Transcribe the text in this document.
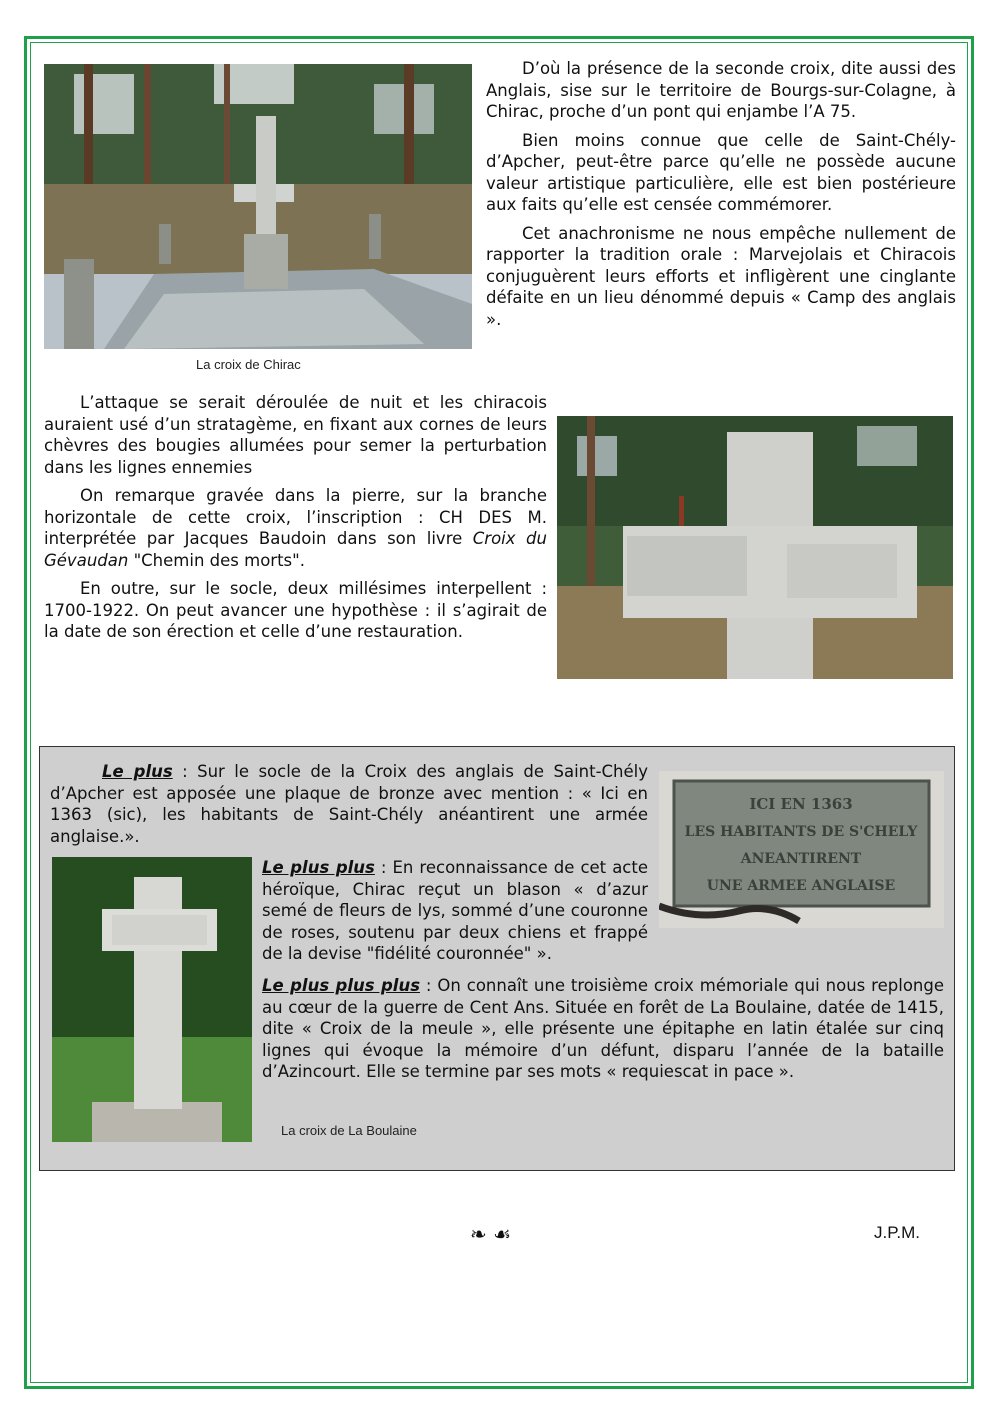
La croix de Chirac

D’où la présence de la seconde croix, dite aussi des Anglais, sise sur le territoire de Bourgs-sur-Colagne, à Chirac, proche d’un pont qui enjambe l’A 75.

Bien moins connue que celle de Saint-Chély-d’Apcher, peut-être parce qu’elle ne possède aucune valeur artistique particulière, elle est bien postérieure aux faits qu’elle est censée commémorer.

Cet anachronisme ne nous empêche nullement de rapporter la tradition orale : Marvejolais et Chiracois conjuguèrent leurs efforts et infligèrent une cinglante défaite en un lieu dénommé depuis « Camp des anglais ».

L’attaque se serait déroulée de nuit et les chiracois auraient usé d’un stratagème, en fixant aux cornes de leurs chèvres des bougies allumées pour semer la perturbation dans les lignes ennemies

On remarque gravée dans la pierre, sur la branche horizontale de cette croix, l’inscription : CH DES M. interprétée par Jacques Baudoin dans son livre Croix du Gévaudan "Chemin des morts".

En outre, sur le socle, deux millésimes interpellent : 1700-1922. On peut avancer une hypothèse : il s’agirait de la date de son érection et celle d’une restauration.

ICI EN 1363
LES HABITANTS DE S'CHELY
ANEANTIRENT
UNE ARMEE ANGLAISE

Le plus : Sur le socle de la Croix des anglais de Saint-Chély d’Apcher est apposée une plaque de bronze avec mention : « Ici en 1363 (sic), les habitants de Saint-Chély anéantirent une armée anglaise.».

La croix de La Boulaine

Le plus plus : En reconnaissance de cet acte héroïque, Chirac reçut un blason « d’azur semé de fleurs de lys, sommé d’une couronne de roses, soutenu par deux chiens et frappé de la devise "fidélité couronnée" ».

Le plus plus plus : On connaît une troisième croix mémoriale qui nous replonge au cœur de la guerre de Cent Ans. Située en forêt de La Boulaine, datée de 1415, dite « Croix de la meule », elle présente une épitaphe en latin étalée sur cinq lignes qui évoque la mémoire d’un défunt, disparu l’année de la bataille d’Azincourt. Elle se termine par ses mots « requiescat in pace ».

❧ ☙	J.P.M.
